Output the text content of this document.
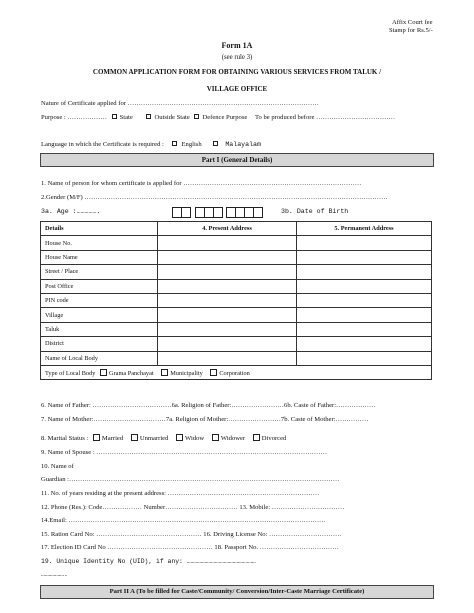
Affix Court fee
Stamp for Rs.5/-
Form 1A
(see rule 3)
COMMON APPLICATION FORM FOR OBTAINING VARIOUS SERVICES FROM TALUK /
VILLAGE OFFICE
Nature of Certificate applied for ……………………………………………………………………………
Purpose : ……………… State	Outside State Defence Purpose To be produced before ………………………………
Language in which the Certificate is required :	English	Malayalam
Part I (General Details)
1. Name of person for whom certificate is applied for ………………………………………………………………………
2.Gender (M/F) …………………………………………………………………………………………………………………………
3a. Age :…………….
	3b. Date of Birth
Details	4. Present Address	5. Permanent Address
House No.		
House Name		
Street / Place		
Post Office		
PIN code		
Village		
Taluk		
District		
Name of Local Body		
Type of Local Body Grama Panchayat Municipality Corporation		
6. Name of Father: ………………………………6a. Religion of Father:……………………6b. Caste of Father:………………
7. Name of Mother:……………………………7a. Religion of Mother:……………………7b. Caste of Mother:……………
8. Marital Status : Married	Unmarried	Widow	Widower	Divorced
9. Name of Spouse : ……………………………………………………………………………………………
10. Name of
Guardian :……………………………………………………………………………………………………………
11. No. of years residing at the present address: ……………………………………………………………
12. Phone (Res.): Code……………… Number…………………………… 13. Mobile: ……………………………
14.Email: ………………………………………………………………………………………………………
15. Ration Card No: ………………………………………… 16. Driving License No: ……………………………
17. Election ID Card No ………………………………………… 18. Passport No. ………………………………
19. Unique Identity No (UID), if any: ………………………………………………
……………….
Part II A (To be filled for Caste/Community/ Conversion/Inter-Caste Marriage Certificate)
